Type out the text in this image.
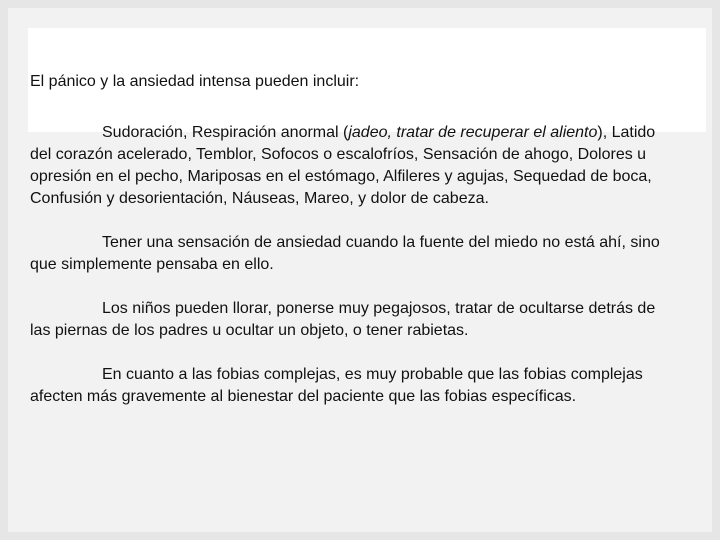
El pánico y la ansiedad intensa pueden incluir:

Sudoración, Respiración anormal (jadeo, tratar de recuperar el aliento), Latido del corazón acelerado, Temblor, Sofocos o escalofríos, Sensación de ahogo, Dolores u opresión en el pecho, Mariposas en el estómago, Alfileres y agujas, Sequedad de boca, Confusión y desorientación, Náuseas, Mareo, y dolor de cabeza.

Tener una sensación de ansiedad cuando la fuente del miedo no está ahí, sino que simplemente pensaba en ello.

Los niños pueden llorar, ponerse muy pegajosos, tratar de ocultarse detrás de las piernas de los padres u ocultar un objeto, o tener rabietas.

En cuanto a las fobias complejas, es muy probable que las fobias complejas afecten más gravemente al bienestar del paciente que las fobias específicas.
